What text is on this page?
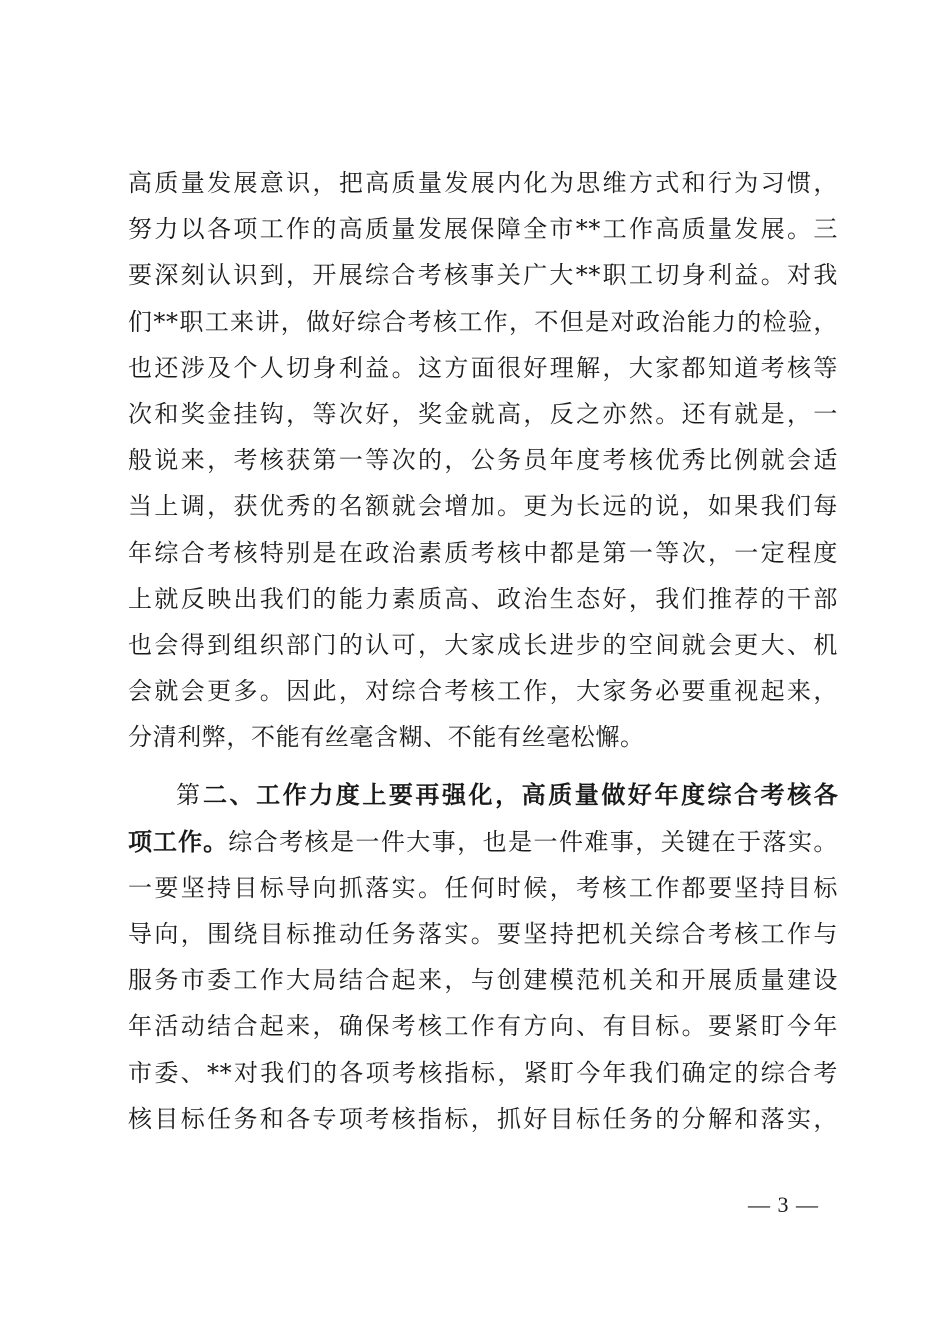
高质量发展意识，把高质量发展内化为思维方式和行为习惯，
努力以各项工作的高质量发展保障全市**工作高质量发展。三
要深刻认识到，开展综合考核事关广大**职工切身利益。对我
们**职工来讲，做好综合考核工作，不但是对政治能力的检验，
也还涉及个人切身利益。这方面很好理解，大家都知道考核等
次和奖金挂钩，等次好，奖金就高，反之亦然。还有就是，一
般说来，考核获第一等次的，公务员年度考核优秀比例就会适
当上调，获优秀的名额就会增加。更为长远的说，如果我们每
年综合考核特别是在政治素质考核中都是第一等次，一定程度
上就反映出我们的能力素质高、政治生态好，我们推荐的干部
也会得到组织部门的认可，大家成长进步的空间就会更大、机
会就会更多。因此，对综合考核工作，大家务必要重视起来，
分清利弊，不能有丝毫含糊、不能有丝毫松懈。
第二、工作力度上要再强化，高质量做好年度综合考核各
项工作。综合考核是一件大事，也是一件难事，关键在于落实。
一要坚持目标导向抓落实。任何时候，考核工作都要坚持目标
导向，围绕目标推动任务落实。要坚持把机关综合考核工作与
服务市委工作大局结合起来，与创建模范机关和开展质量建设
年活动结合起来，确保考核工作有方向、有目标。要紧盯今年
市委、**对我们的各项考核指标，紧盯今年我们确定的综合考
核目标任务和各专项考核指标，抓好目标任务的分解和落实，
— 3 —
